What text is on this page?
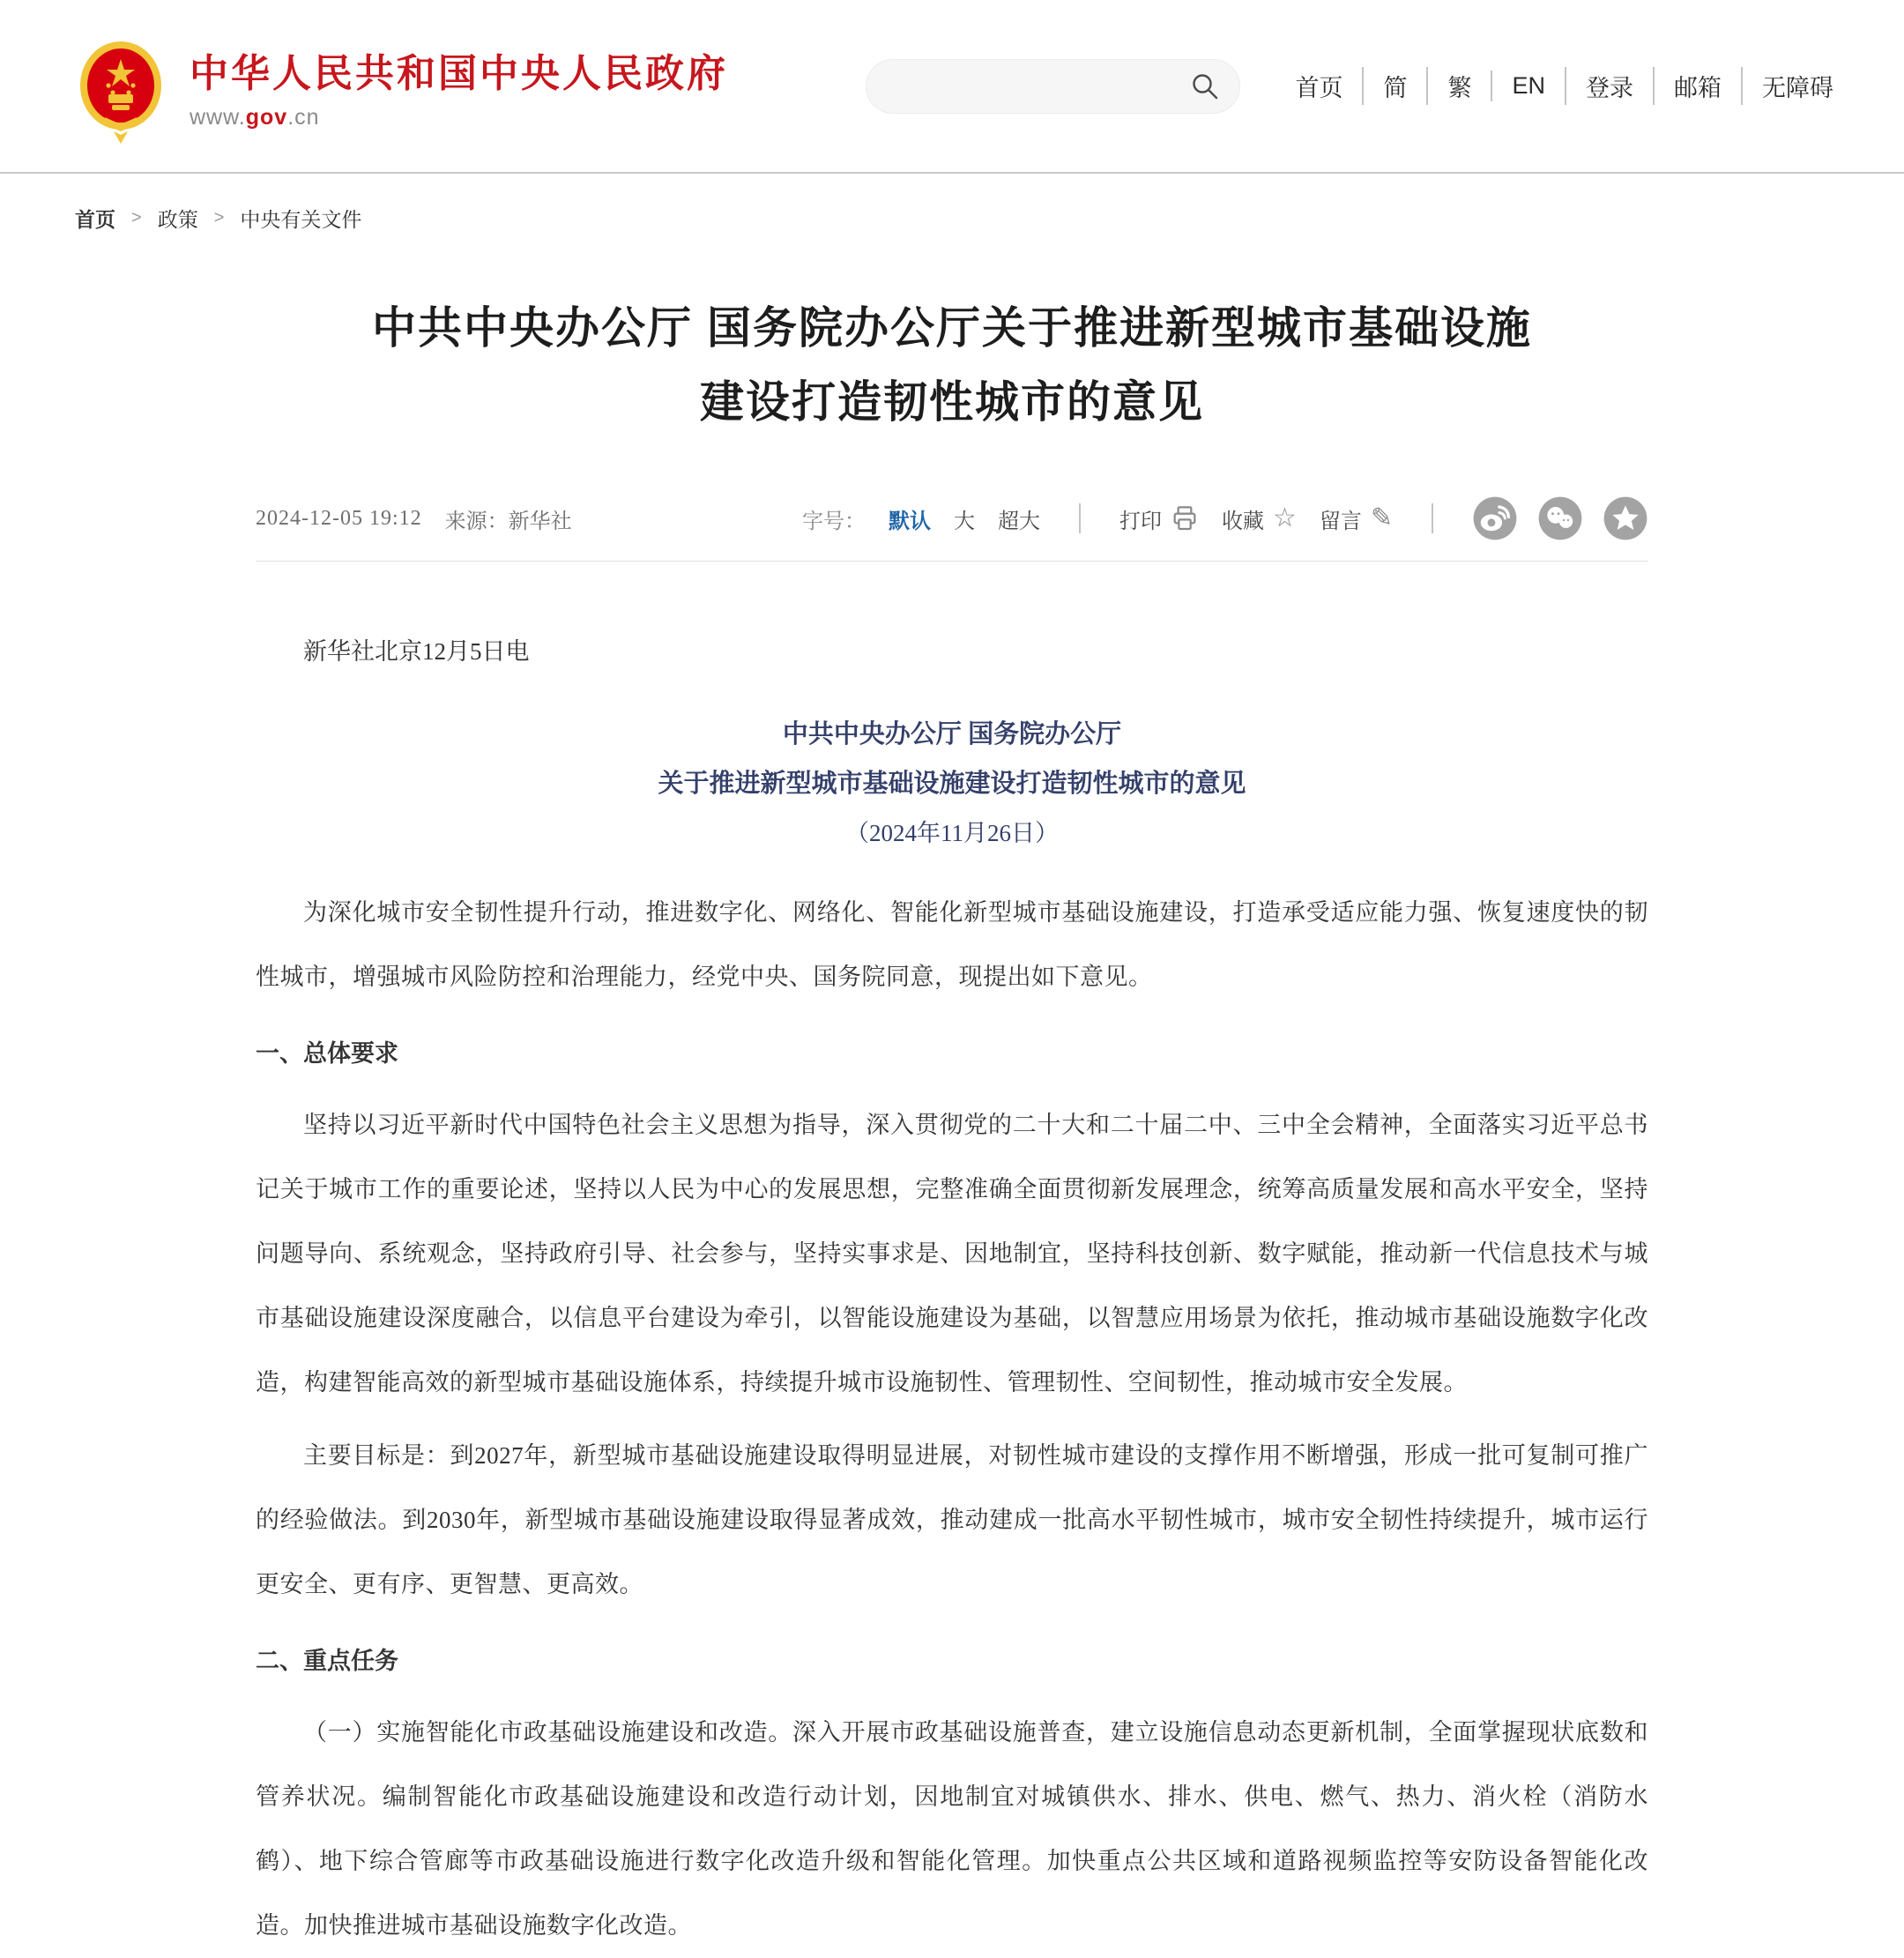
中华人民共和国中央人民政府
www.gov.cn
首页	简	繁	EN	登录	邮箱	无障碍
首页 > 政策 > 中央有关文件
中共中央办公厅 国务院办公厅关于推进新型城市基础设施建设打造韧性城市的意见
2024-12-05 19:12 来源：新华社	字号： 默认 大 超大	打印	收藏 ☆ 留言 ✎

新华社北京12月5日电

中共中央办公厅 国务院办公厅

关于推进新型城市基础设施建设打造韧性城市的意见

（2024年11月26日）

为深化城市安全韧性提升行动，推进数字化、网络化、智能化新型城市基础设施建设，打造承受适应能力强、恢复速度快的韧性城市，增强城市风险防控和治理能力，经党中央、国务院同意，现提出如下意见。

一、总体要求

坚持以习近平新时代中国特色社会主义思想为指导，深入贯彻党的二十大和二十届二中、三中全会精神，全面落实习近平总书记关于城市工作的重要论述，坚持以人民为中心的发展思想，完整准确全面贯彻新发展理念，统筹高质量发展和高水平安全，坚持问题导向、系统观念，坚持政府引导、社会参与，坚持实事求是、因地制宜，坚持科技创新、数字赋能，推动新一代信息技术与城市基础设施建设深度融合，以信息平台建设为牵引，以智能设施建设为基础，以智慧应用场景为依托，推动城市基础设施数字化改造，构建智能高效的新型城市基础设施体系，持续提升城市设施韧性、管理韧性、空间韧性，推动城市安全发展。

主要目标是：到2027年，新型城市基础设施建设取得明显进展，对韧性城市建设的支撑作用不断增强，形成一批可复制可推广的经验做法。到2030年，新型城市基础设施建设取得显著成效，推动建成一批高水平韧性城市，城市安全韧性持续提升，城市运行更安全、更有序、更智慧、更高效。

二、重点任务

（一）实施智能化市政基础设施建设和改造。深入开展市政基础设施普查，建立设施信息动态更新机制，全面掌握现状底数和管养状况。编制智能化市政基础设施建设和改造行动计划，因地制宜对城镇供水、排水、供电、燃气、热力、消火栓（消防水鹤）、地下综合管廊等市政基础设施进行数字化改造升级和智能化管理。加快重点公共区域和道路视频监控等安防设备智能化改造。加快推进城市基础设施数字化改造。
